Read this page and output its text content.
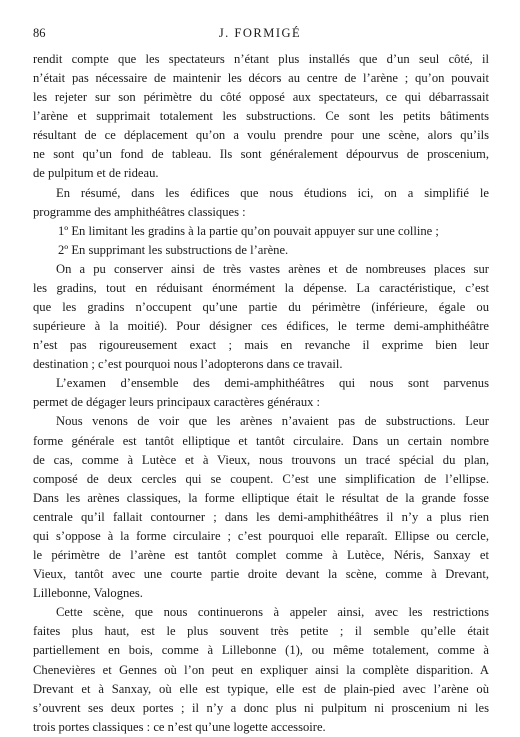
86	J. FORMIGÉ
rendit compte que les spectateurs n’étant plus installés que d’un seul côté, il
n’était pas nécessaire de maintenir les décors au centre de l’arène ; qu’on pouvait
les rejeter sur son périmètre du côté opposé aux spectateurs, ce qui débarrassait
l’arène et supprimait totalement les substructions. Ce sont les petits bâtiments
résultant de ce déplacement qu’on a voulu prendre pour une scène, alors qu’ils
ne sont qu’un fond de tableau. Ils sont généralement dépourvus de proscenium,
de pulpitum et de rideau.
En résumé, dans les édifices que nous étudions ici, on a simplifié le
programme des amphithéâtres classiques :
1º En limitant les gradins à la partie qu’on pouvait appuyer sur une colline ;
2º En supprimant les substructions de l’arène.
On a pu conserver ainsi de très vastes arènes et de nombreuses places sur
les gradins, tout en réduisant énormément la dépense. La caractéristique, c’est
que les gradins n’occupent qu’une partie du périmètre (inférieure, égale ou
supérieure à la moitié). Pour désigner ces édifices, le terme demi-amphithéâtre
n’est pas rigoureusement exact ; mais en revanche il exprime bien leur
destination ; c’est pourquoi nous l’adopterons dans ce travail.
L’examen d’ensemble des demi-amphithéâtres qui nous sont parvenus
permet de dégager leurs principaux caractères généraux :
Nous venons de voir que les arènes n’avaient pas de substructions. Leur
forme générale est tantôt elliptique et tantôt circulaire. Dans un certain nombre
de cas, comme à Lutèce et à Vieux, nous trouvons un tracé spécial du plan,
composé de deux cercles qui se coupent. C’est une simplification de l’ellipse.
Dans les arènes classiques, la forme elliptique était le résultat de la grande fosse
centrale qu’il fallait contourner ; dans les demi-amphithéâtres il n’y a plus rien
qui s’oppose à la forme circulaire ; c’est pourquoi elle reparaît. Ellipse ou cercle,
le périmètre de l’arène est tantôt complet comme à Lutèce, Néris, Sanxay et
Vieux, tantôt avec une courte partie droite devant la scène, comme à Drevant,
Lillebonne, Valognes.
Cette scène, que nous continuerons à appeler ainsi, avec les restrictions
faites plus haut, est le plus souvent très petite ; il semble qu’elle était
partiellement en bois, comme à Lillebonne (1), ou même totalement, comme à
Chenevières et Gennes où l’on peut en expliquer ainsi la complète disparition. A
Drevant et à Sanxay, où elle est typique, elle est de plain-pied avec l’arène où
s’ouvrent ses deux portes ; il n’y a donc plus ni pulpitum ni proscenium ni les
trois portes classiques : ce n’est qu’une logette accessoire.
